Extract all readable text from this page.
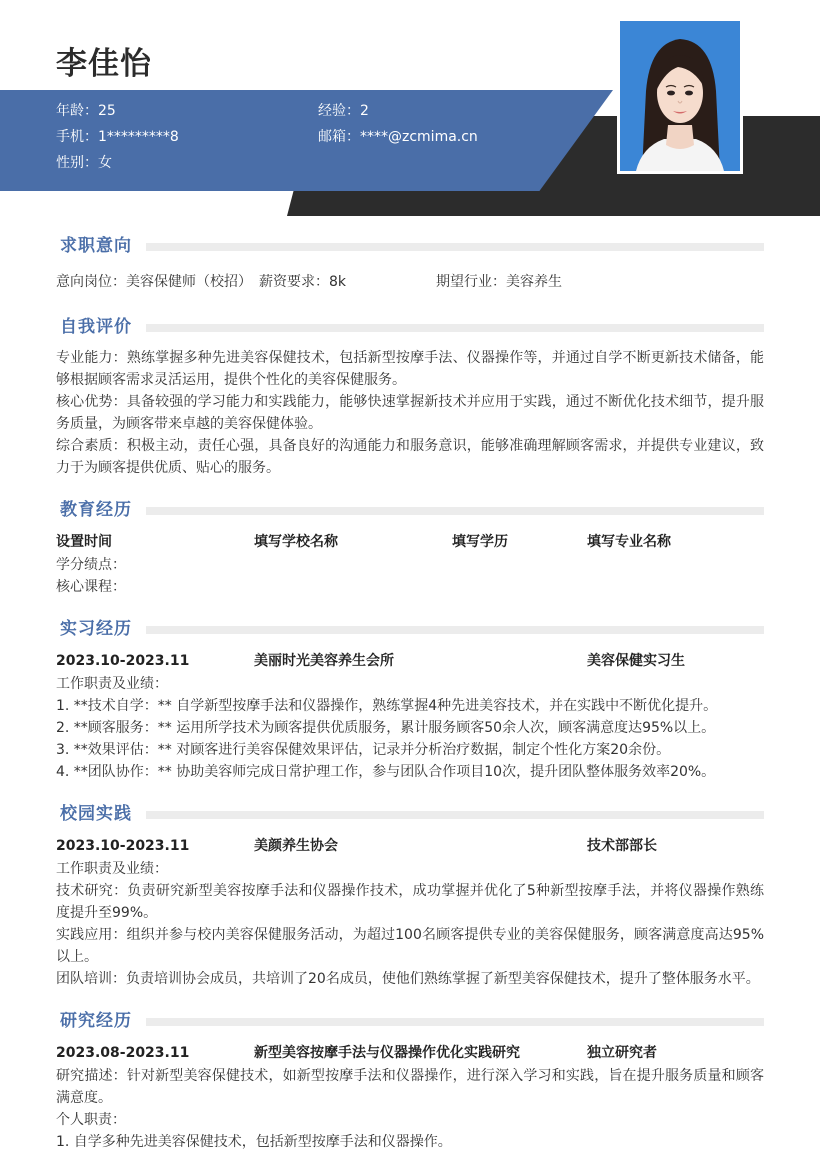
李佳怡
年龄：25	经验：2
手机：1*********8	邮箱：****@zcmima.cn
性别：女
求职意向
意向岗位：美容保健师（校招） 薪资要求：8k	期望行业：美容养生
自我评价
专业能力：熟练掌握多种先进美容保健技术，包括新型按摩手法、仪器操作等，并通过自学不断更新技术储备，能够根据顾客需求灵活运用，提供个性化的美容保健服务。
核心优势：具备较强的学习能力和实践能力，能够快速掌握新技术并应用于实践，通过不断优化技术细节，提升服务质量，为顾客带来卓越的美容保健体验。
综合素质：积极主动，责任心强，具备良好的沟通能力和服务意识，能够准确理解顾客需求，并提供专业建议，致力于为顾客提供优质、贴心的服务。
教育经历
设置时间	填写学校名称	填写学历	填写专业名称
学分绩点：
核心课程：
实习经历
2023.10-2023.11	美丽时光美容养生会所	美容保健实习生
工作职责及业绩：
1. **技术自学：** 自学新型按摩手法和仪器操作，熟练掌握4种先进美容技术，并在实践中不断优化提升。
2. **顾客服务：** 运用所学技术为顾客提供优质服务，累计服务顾客50余人次，顾客满意度达95%以上。
3. **效果评估：** 对顾客进行美容保健效果评估，记录并分析治疗数据，制定个性化方案20余份。
4. **团队协作：** 协助美容师完成日常护理工作，参与团队合作项目10次，提升团队整体服务效率20%。
校园实践
2023.10-2023.11	美颜养生协会	技术部部长
工作职责及业绩：
技术研究：负责研究新型美容按摩手法和仪器操作技术，成功掌握并优化了5种新型按摩手法，并将仪器操作熟练度提升至99%。
实践应用：组织并参与校内美容保健服务活动，为超过100名顾客提供专业的美容保健服务，顾客满意度高达95%以上。
团队培训：负责培训协会成员，共培训了20名成员，使他们熟练掌握了新型美容保健技术，提升了整体服务水平。
研究经历
2023.08-2023.11	新型美容按摩手法与仪器操作优化实践研究	独立研究者
研究描述：针对新型美容保健技术，如新型按摩手法和仪器操作，进行深入学习和实践，旨在提升服务质量和顾客满意度。
个人职责：
1. 自学多种先进美容保健技术，包括新型按摩手法和仪器操作。
